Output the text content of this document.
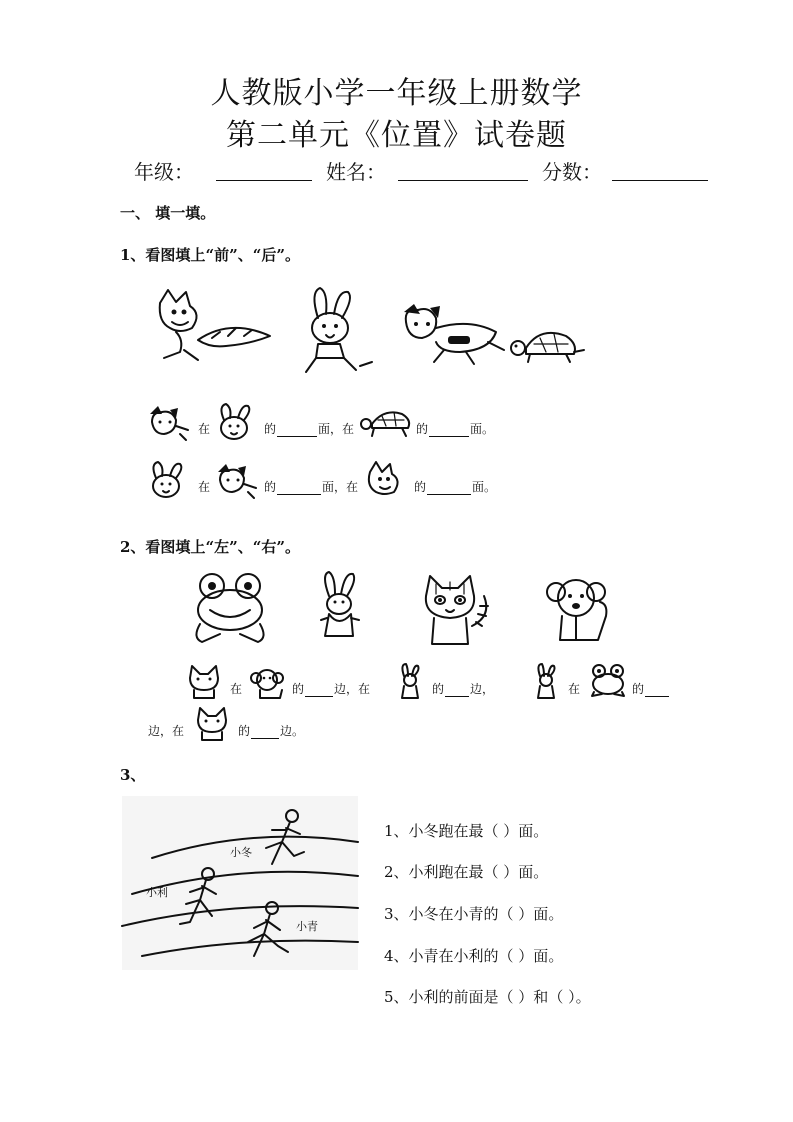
人教版小学一年级上册数学
第二单元《位置》试卷题
年级：	姓名：	分数：
一、 填一填。
1、看图填上“前”、“后”。
在	的	面，在	的	面。
在	的	面，在	的	面。
2、看图填上“左”、“右”。
在	的	边，在	的 边，	在	的
边，在	的	边。
3、
小冬
小利
小青
1、小冬跑在最（ ）面。
2、小利跑在最（ ）面。
3、小冬在小青的（ ）面。
4、小青在小利的（ ）面。
5、小利的前面是（ ）和（ ）。
